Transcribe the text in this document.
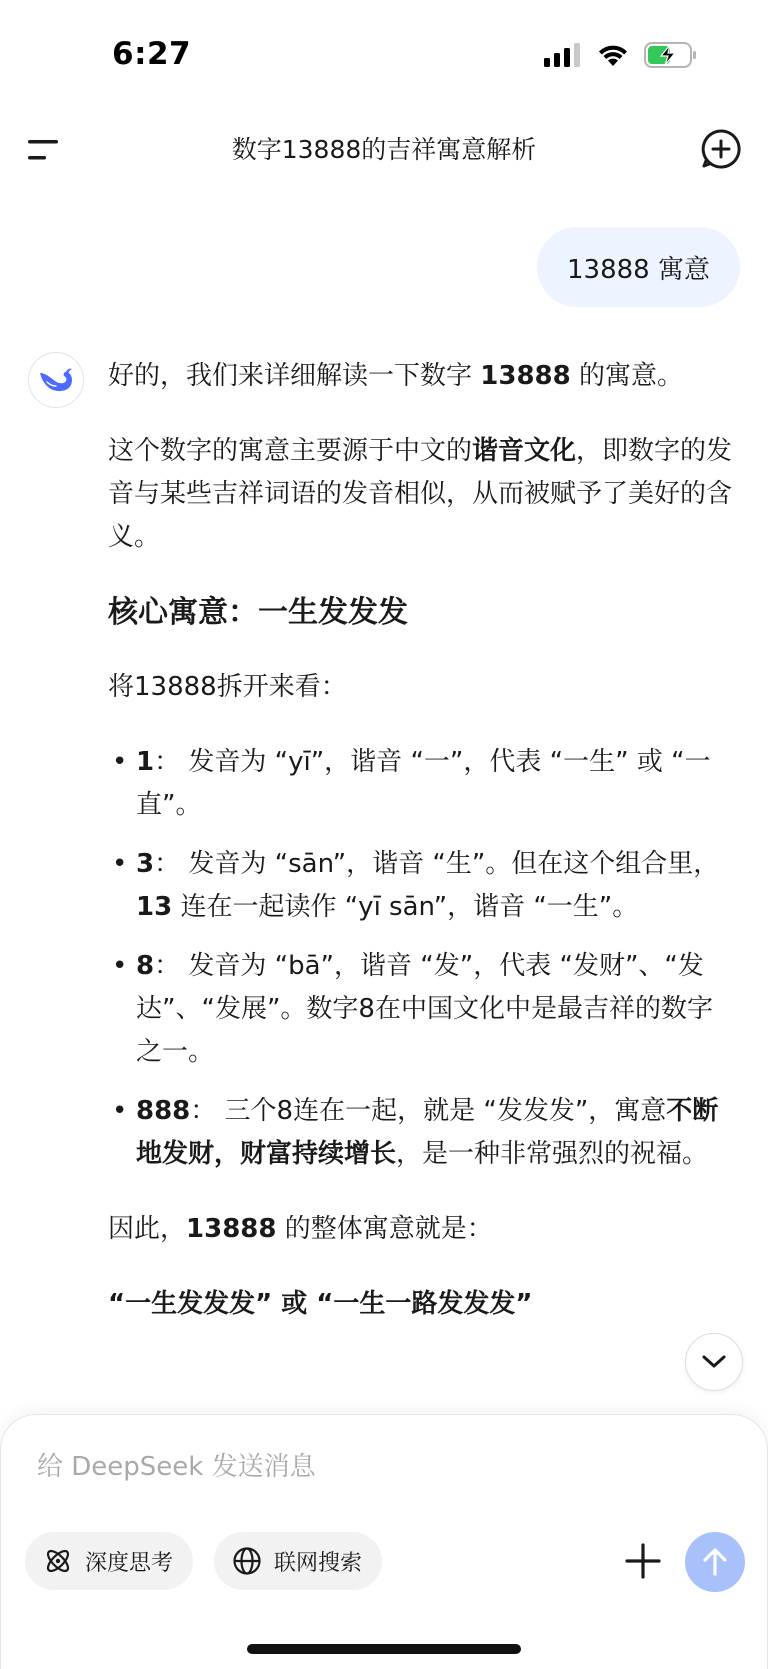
6:27
数字13888的吉祥寓意解析
13888 寓意

好的，我们来详细解读一下数字 13888 的寓意。

这个数字的寓意主要源于中文的谐音文化，即数字的发音与某些吉祥词语的发音相似，从而被赋予了美好的含义。

核心寓意：一生发发发

将13888拆开来看：

• 1： 发音为 “yī”，谐音 “一”，代表 “一生” 或 “一直”。
• 3： 发音为 “sān”，谐音 “生”。但在这个组合里，13 连在一起读作 “yī sān”，谐音 “一生”。
• 8： 发音为 “bā”，谐音 “发”，代表 “发财”、“发达”、“发展”。数字8在中国文化中是最吉祥的数字之一。
• 888： 三个8连在一起，就是 “发发发”，寓意不断地发财，财富持续增长，是一种非常强烈的祝福。

因此，13888 的整体寓意就是：

“一生发发发” 或 “一生一路发发发”
给 DeepSeek 发送消息
深度思考	联网搜索
